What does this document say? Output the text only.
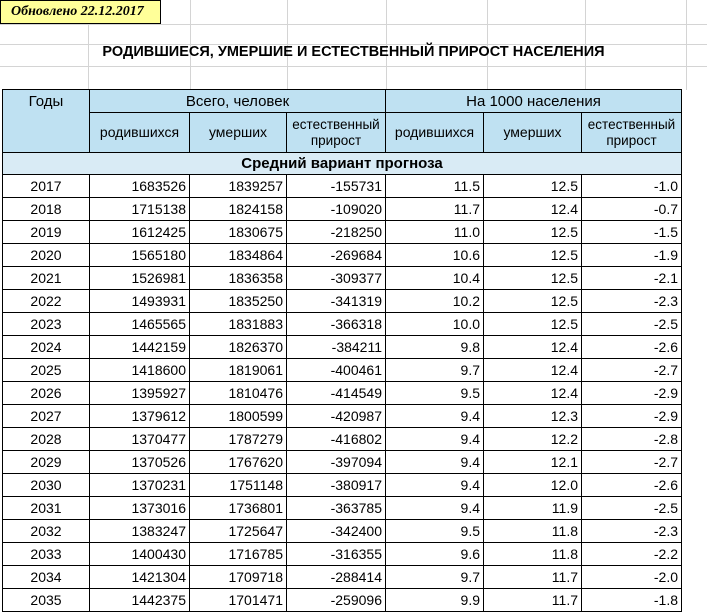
Обновлено 22.12.2017
РОДИВШИЕСЯ, УМЕРШИЕ И ЕСТЕСТВЕННЫЙ ПРИРОСТ НАСЕЛЕНИЯ
Годы	Всего, человек			На 1000 населения		
	родившихся	умерших	естественный прирост	родившихся	умерших	естественный прирост
Средний вариант прогноза						
2017	1683526	1839257	-155731	11.5	12.5	-1.0
2018	1715138	1824158	-109020	11.7	12.4	-0.7
2019	1612425	1830675	-218250	11.0	12.5	-1.5
2020	1565180	1834864	-269684	10.6	12.5	-1.9
2021	1526981	1836358	-309377	10.4	12.5	-2.1
2022	1493931	1835250	-341319	10.2	12.5	-2.3
2023	1465565	1831883	-366318	10.0	12.5	-2.5
2024	1442159	1826370	-384211	9.8	12.4	-2.6
2025	1418600	1819061	-400461	9.7	12.4	-2.7
2026	1395927	1810476	-414549	9.5	12.4	-2.9
2027	1379612	1800599	-420987	9.4	12.3	-2.9
2028	1370477	1787279	-416802	9.4	12.2	-2.8
2029	1370526	1767620	-397094	9.4	12.1	-2.7
2030	1370231	1751148	-380917	9.4	12.0	-2.6
2031	1373016	1736801	-363785	9.4	11.9	-2.5
2032	1383247	1725647	-342400	9.5	11.8	-2.3
2033	1400430	1716785	-316355	9.6	11.8	-2.2
2034	1421304	1709718	-288414	9.7	11.7	-2.0
2035	1442375	1701471	-259096	9.9	11.7	-1.8
